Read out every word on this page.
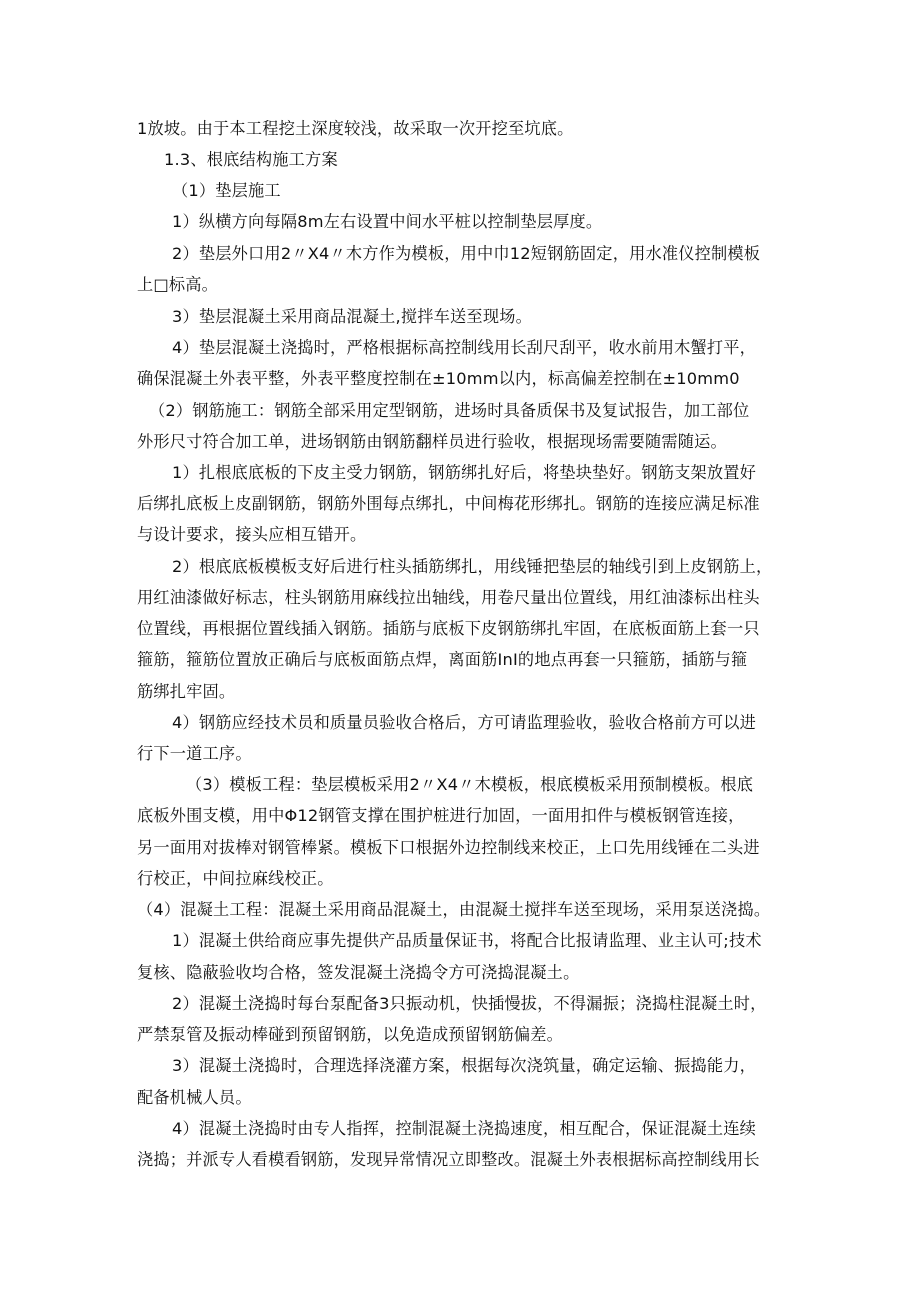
1放坡。由于本工程挖土深度较浅，故采取一次开挖至坑底。
1.3、根底结构施工方案
（1）垫层施工
1）纵横方向每隔8m左右设置中间水平桩以控制垫层厚度。
2）垫层外口用2〃X4〃木方作为模板，用中巾12短钢筋固定，用水准仪控制模板
上□标高。
3）垫层混凝土采用商品混凝土,搅拌车送至现场。
4）垫层混凝土浇捣时，严格根据标高控制线用长刮尺刮平，收水前用木蟹打平，
确保混凝土外表平整，外表平整度控制在±10mm以内，标高偏差控制在±10mm0
（2）钢筋施工：钢筋全部采用定型钢筋，进场时具备质保书及复试报告，加工部位
外形尺寸符合加工单，进场钢筋由钢筋翻样员进行验收，根据现场需要随需随运。
1）扎根底底板的下皮主受力钢筋，钢筋绑扎好后，将垫块垫好。钢筋支架放置好
后绑扎底板上皮副钢筋，钢筋外围每点绑扎，中间梅花形绑扎。钢筋的连接应满足标准
与设计要求，接头应相互错开。
2）根底底板模板支好后进行柱头插筋绑扎，用线锤把垫层的轴线引到上皮钢筋上，
用红油漆做好标志，柱头钢筋用麻线拉出轴线，用卷尺量出位置线，用红油漆标出柱头
位置线，再根据位置线插入钢筋。插筋与底板下皮钢筋绑扎牢固，在底板面筋上套一只
箍筋，箍筋位置放正确后与底板面筋点焊，离面筋InI的地点再套一只箍筋，插筋与箍
筋绑扎牢固。
4）钢筋应经技术员和质量员验收合格后，方可请监理验收，验收合格前方可以进
行下一道工序。
（3）模板工程：垫层模板采用2〃X4〃木模板，根底模板采用预制模板。根底
底板外围支模，用中Φ12钢管支撑在围护桩进行加固，一面用扣件与模板钢管连接，
另一面用对拔棒对钢管棒紧。模板下口根据外边控制线来校正，上口先用线锤在二头进
行校正，中间拉麻线校正。
（4）混凝土工程：混凝土采用商品混凝土，由混凝土搅拌车送至现场，采用泵送浇捣。
1）混凝土供给商应事先提供产品质量保证书，将配合比报请监理、业主认可;技术
复核、隐蔽验收均合格，签发混凝土浇捣令方可浇捣混凝土。
2）混凝土浇捣时每台泵配备3只振动机，快插慢拔，不得漏振；浇捣柱混凝土时，
严禁泵管及振动棒碰到预留钢筋，以免造成预留钢筋偏差。
3）混凝土浇捣时，合理选择浇灌方案，根据每次浇筑量，确定运输、振捣能力，
配备机械人员。
4）混凝土浇捣时由专人指挥，控制混凝土浇捣速度，相互配合，保证混凝土连续
浇捣；并派专人看模看钢筋，发现异常情况立即整改。混凝土外表根据标高控制线用长
